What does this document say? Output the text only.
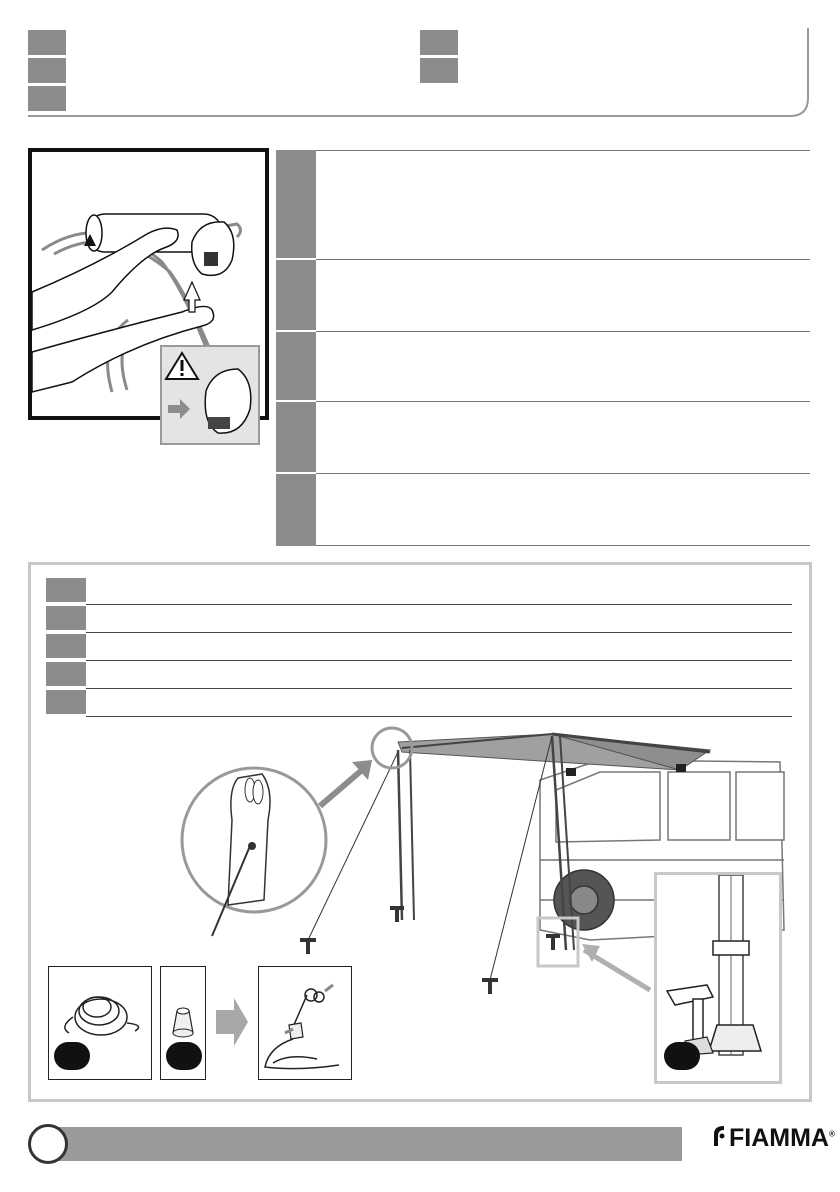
FIAMMA®
